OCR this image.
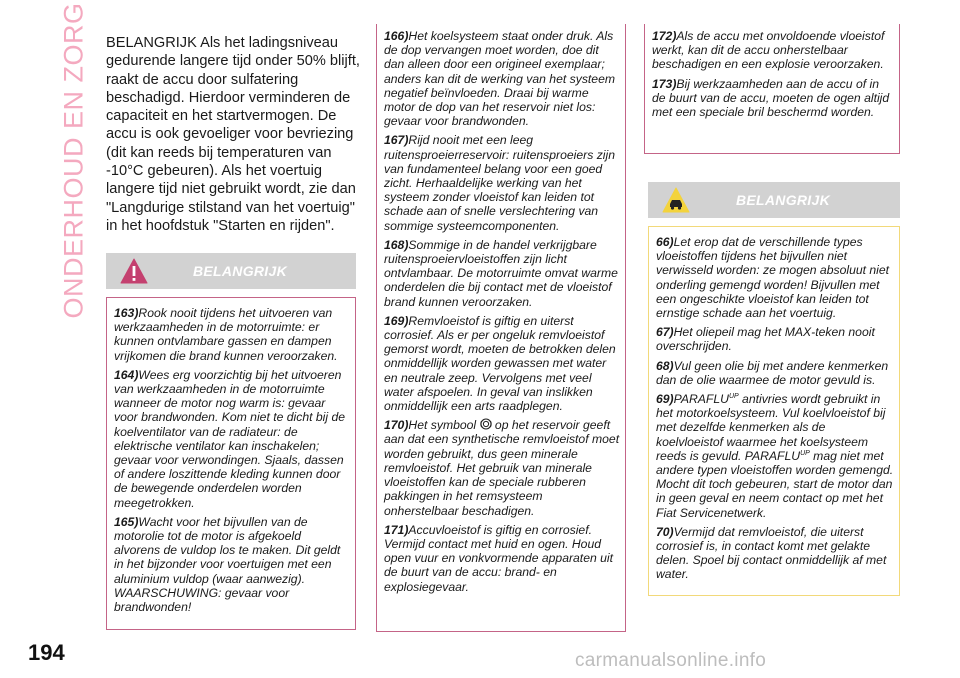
ONDERHOUD EN ZORG BELANGRIJK Als het ladingsniveau gedurende langere tijd onder 50% blijft, raakt de accu door sulfatering beschadigd. Hierdoor verminderen de capaciteit en het startvermogen. De accu is ook gevoeliger voor bevriezing (dit kan reeds bij temperaturen van -10°C gebeuren). Als het voertuig langere tijd niet gebruikt wordt, zie dan "Langdurige stilstand van het voertuig" in het hoofdstuk "Starten en rijden".
BELANGRIJK

163)Rook nooit tijdens het uitvoeren van werkzaamheden in de motorruimte: er kunnen ontvlambare gassen en dampen vrijkomen die brand kunnen veroorzaken.

164)Wees erg voorzichtig bij het uitvoeren van werkzaamheden in de motorruimte wanneer de motor nog warm is: gevaar voor brandwonden. Kom niet te dicht bij de koelventilator van de radiateur: de elektrische ventilator kan inschakelen; gevaar voor verwondingen. Sjaals, dassen of andere loszittende kleding kunnen door de bewegende onderdelen worden meegetrokken.

165)Wacht voor het bijvullen van de motorolie tot de motor is afgekoeld alvorens de vuldop los te maken. Dit geldt in het bijzonder voor voertuigen met een aluminium vuldop (waar aanwezig). WAARSCHUWING: gevaar voor brandwonden!

166)Het koelsysteem staat onder druk. Als de dop vervangen moet worden, doe dit dan alleen door een origineel exemplaar; anders kan dit de werking van het systeem negatief beïnvloeden. Draai bij warme motor de dop van het reservoir niet los: gevaar voor brandwonden.

167)Rijd nooit met een leeg ruitensproeierreservoir: ruitensproeiers zijn van fundamenteel belang voor een goed zicht. Herhaaldelijke werking van het systeem zonder vloeistof kan leiden tot schade aan of snelle verslechtering van sommige systeemcomponenten.

168)Sommige in de handel verkrijgbare ruitensproeiervloeistoffen zijn licht ontvlambaar. De motorruimte omvat warme onderdelen die bij contact met de vloeistof brand kunnen veroorzaken.

169)Remvloeistof is giftig en uiterst corrosief. Als er per ongeluk remvloeistof gemorst wordt, moeten de betrokken delen onmiddellijk worden gewassen met water en neutrale zeep. Vervolgens met veel water afspoelen. In geval van inslikken onmiddellijk een arts raadplegen.

170)Het symbool op het reservoir geeft aan dat een synthetische remvloeistof moet worden gebruikt, dus geen minerale remvloeistof. Het gebruik van minerale vloeistoffen kan de speciale rubberen pakkingen in het remsysteem onherstelbaar beschadigen.

171)Accuvloeistof is giftig en corrosief. Vermijd contact met huid en ogen. Houd open vuur en vonkvormende apparaten uit de buurt van de accu: brand- en explosiegevaar.

172)Als de accu met onvoldoende vloeistof werkt, kan dit de accu onherstelbaar beschadigen en een explosie veroorzaken.

173)Bij werkzaamheden aan de accu of in de buurt van de accu, moeten de ogen altijd met een speciale bril beschermd worden.

BELANGRIJK

66)Let erop dat de verschillende types vloeistoffen tijdens het bijvullen niet verwisseld worden: ze mogen absoluut niet onderling gemengd worden! Bijvullen met een ongeschikte vloeistof kan leiden tot ernstige schade aan het voertuig.

67)Het oliepeil mag het MAX-teken nooit overschrijden.

68)Vul geen olie bij met andere kenmerken dan de olie waarmee de motor gevuld is.

$69)PARAFLU^{UP}$ antivries wordt gebruikt in het motorkoelsysteem. Vul koelvloeistof bij met dezelfde kenmerken als de koelvloeistof waarmee het koelsysteem reeds is gevuld. $PARAFLU^{UP}$ mag niet met andere typen vloeistoffen worden gemengd. Mocht dit toch gebeuren, start de motor dan in geen geval en neem contact op met het Fiat Servicenetwerk.

70)Vermijd dat remvloeistof, die uiterst corrosief is, in contact komt met gelakte delen. Spoel bij contact onmiddellijk af met water.

194	carmanualsonline.info
